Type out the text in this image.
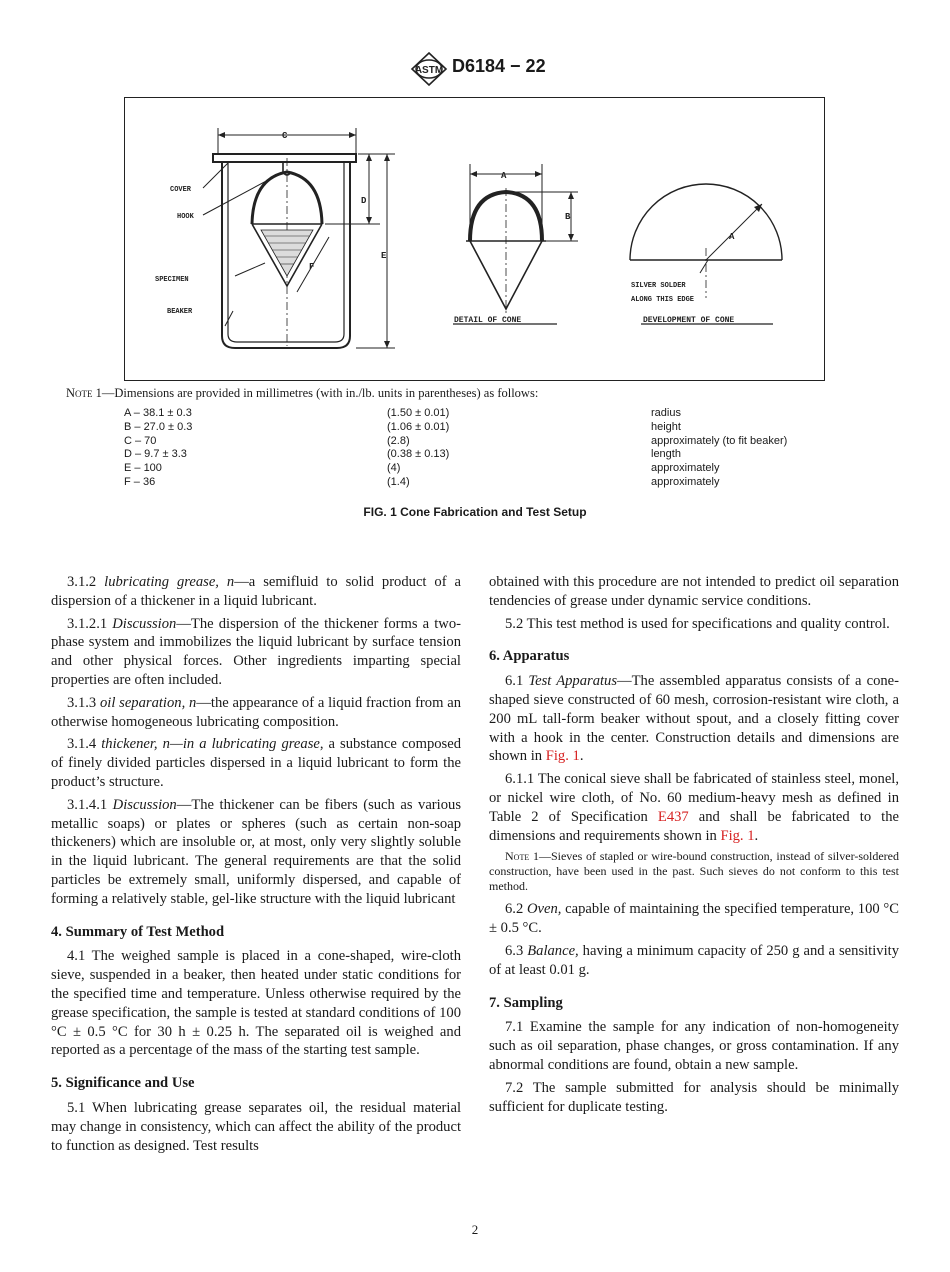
ASTM D6184 − 22
C
COVER
HOOK
SPECIMEN
BEAKER
D
E
F
A
B
DETAIL OF CONE
A
SILVER SOLDER
ALONG THIS EDGE
DEVELOPMENT OF CONE
Note 1—Dimensions are provided in millimetres (with in./lb. units in parentheses) as follows:
A – 38.1 ± 0.3	(1.50 ± 0.01)	radius
B – 27.0 ± 0.3	(1.06 ± 0.01)	height
C – 70	(2.8)	approximately (to fit beaker)
D – 9.7 ± 3.3	(0.38 ± 0.13)	length
E – 100	(4)	approximately
F – 36	(1.4)	approximately
FIG. 1 Cone Fabrication and Test Setup

3.1.2 lubricating grease, n—a semifluid to solid product of a dispersion of a thickener in a liquid lubricant.

3.1.2.1 Discussion—The dispersion of the thickener forms a two-phase system and immobilizes the liquid lubricant by surface tension and other physical forces. Other ingredients imparting special properties are often included.

3.1.3 oil separation, n—the appearance of a liquid fraction from an otherwise homogeneous lubricating composition.

3.1.4 thickener, n—in a lubricating grease, a substance composed of finely divided particles dispersed in a liquid lubricant to form the product’s structure.

3.1.4.1 Discussion—The thickener can be fibers (such as various metallic soaps) or plates or spheres (such as certain non-soap thickeners) which are insoluble or, at most, only very slightly soluble in the liquid lubricant. The general requirements are that the solid particles be extremely small, uniformly dispersed, and capable of forming a relatively stable, gel-like structure with the liquid lubricant

4. Summary of Test Method

4.1 The weighed sample is placed in a cone-shaped, wire-cloth sieve, suspended in a beaker, then heated under static conditions for the specified time and temperature. Unless otherwise required by the grease specification, the sample is tested at standard conditions of 100 °C ± 0.5 °C for 30 h ± 0.25 h. The separated oil is weighed and reported as a percentage of the mass of the starting test sample.

5. Significance and Use

5.1 When lubricating grease separates oil, the residual material may change in consistency, which can affect the ability of the product to function as designed. Test results

obtained with this procedure are not intended to predict oil separation tendencies of grease under dynamic service conditions.

5.2 This test method is used for specifications and quality control.

6. Apparatus

6.1 Test Apparatus—The assembled apparatus consists of a cone-shaped sieve constructed of 60 mesh, corrosion-resistant wire cloth, a 200 mL tall-form beaker without spout, and a closely fitting cover with a hook in the center. Construction details and dimensions are shown in Fig. 1.

6.1.1 The conical sieve shall be fabricated of stainless steel, monel, or nickel wire cloth, of No. 60 medium-heavy mesh as defined in Table 2 of Specification E437 and shall be fabricated to the dimensions and requirements shown in Fig. 1.

Note 1—Sieves of stapled or wire-bound construction, instead of silver-soldered construction, have been used in the past. Such sieves do not conform to this test method.

6.2 Oven, capable of maintaining the specified temperature, 100 °C ± 0.5 °C.

6.3 Balance, having a minimum capacity of 250 g and a sensitivity of at least 0.01 g.

7. Sampling

7.1 Examine the sample for any indication of non-homogeneity such as oil separation, phase changes, or gross contamination. If any abnormal conditions are found, obtain a new sample.

7.2 The sample submitted for analysis should be minimally sufficient for duplicate testing.

2
